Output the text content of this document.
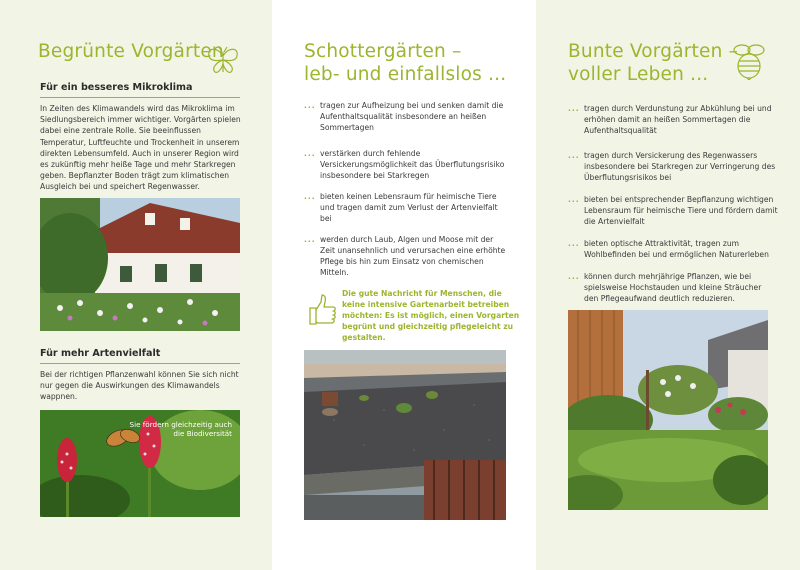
Begrünte Vorgärten
Für ein besseres Mikroklima
In Zeiten des Klimawandels wird das Mikroklima im Siedlungsbereich immer wichtiger. Vorgärten spielen dabei eine zentrale Rolle. Sie beeinflussen Temperatur, Luftfeuchte und Trockenheit in unserem direkten Lebensumfeld. Auch in unserer Region wird es zukünftig mehr heiße Tage und mehr Starkregen geben. Bepflanzter Boden trägt zum klimatischen Ausgleich bei und speichert Regenwasser.
Für mehr Artenvielfalt
Bei der richtigen Pflanzenwahl können Sie sich nicht nur gegen die Auswirkungen des Klimawandels wappnen.
Sie fördern gleichzeitig auch die Biodiversität
Schottergärten –
leb- und einfallslos ...
... tragen zur Aufheizung bei und senken damit die Aufenthaltsqualität insbesondere an heißen Sommertagen
... verstärken durch fehlende Versickerungsmöglichkeit das Überflutungsrisiko insbesondere bei Starkregen
... bieten keinen Lebensraum für heimische Tiere und tragen damit zum Verlust der Artenvielfalt bei
... werden durch Laub, Algen und Moose mit der Zeit unansehnlich und verursachen eine erhöhte Pflege bis hin zum Einsatz von chemischen Mitteln.
Die gute Nachricht für Menschen, die keine intensive Gartenarbeit betreiben möchten: Es ist möglich, einen Vorgarten begrünt und gleichzeitig pflegeleicht zu gestalten.
Bunte Vorgärten –
voller Leben ...
... tragen durch Verdunstung zur Abkühlung bei und erhöhen damit an heißen Sommertagen die Aufenthaltsqualität
... tragen durch Versickerung des Regenwassers insbesondere bei Starkregen zur Verringerung des Überflutungsrisikos bei
... bieten bei entsprechender Bepflanzung wichtigen Lebensraum für heimische Tiere und fördern damit die Artenvielfalt
... bieten optische Attraktivität, tragen zum Wohlbefinden bei und ermöglichen Naturerleben
... können durch mehrjährige Pflanzen, wie bei spielsweise Hochstauden und kleine Sträucher den Pflegeaufwand deutlich reduzieren.
